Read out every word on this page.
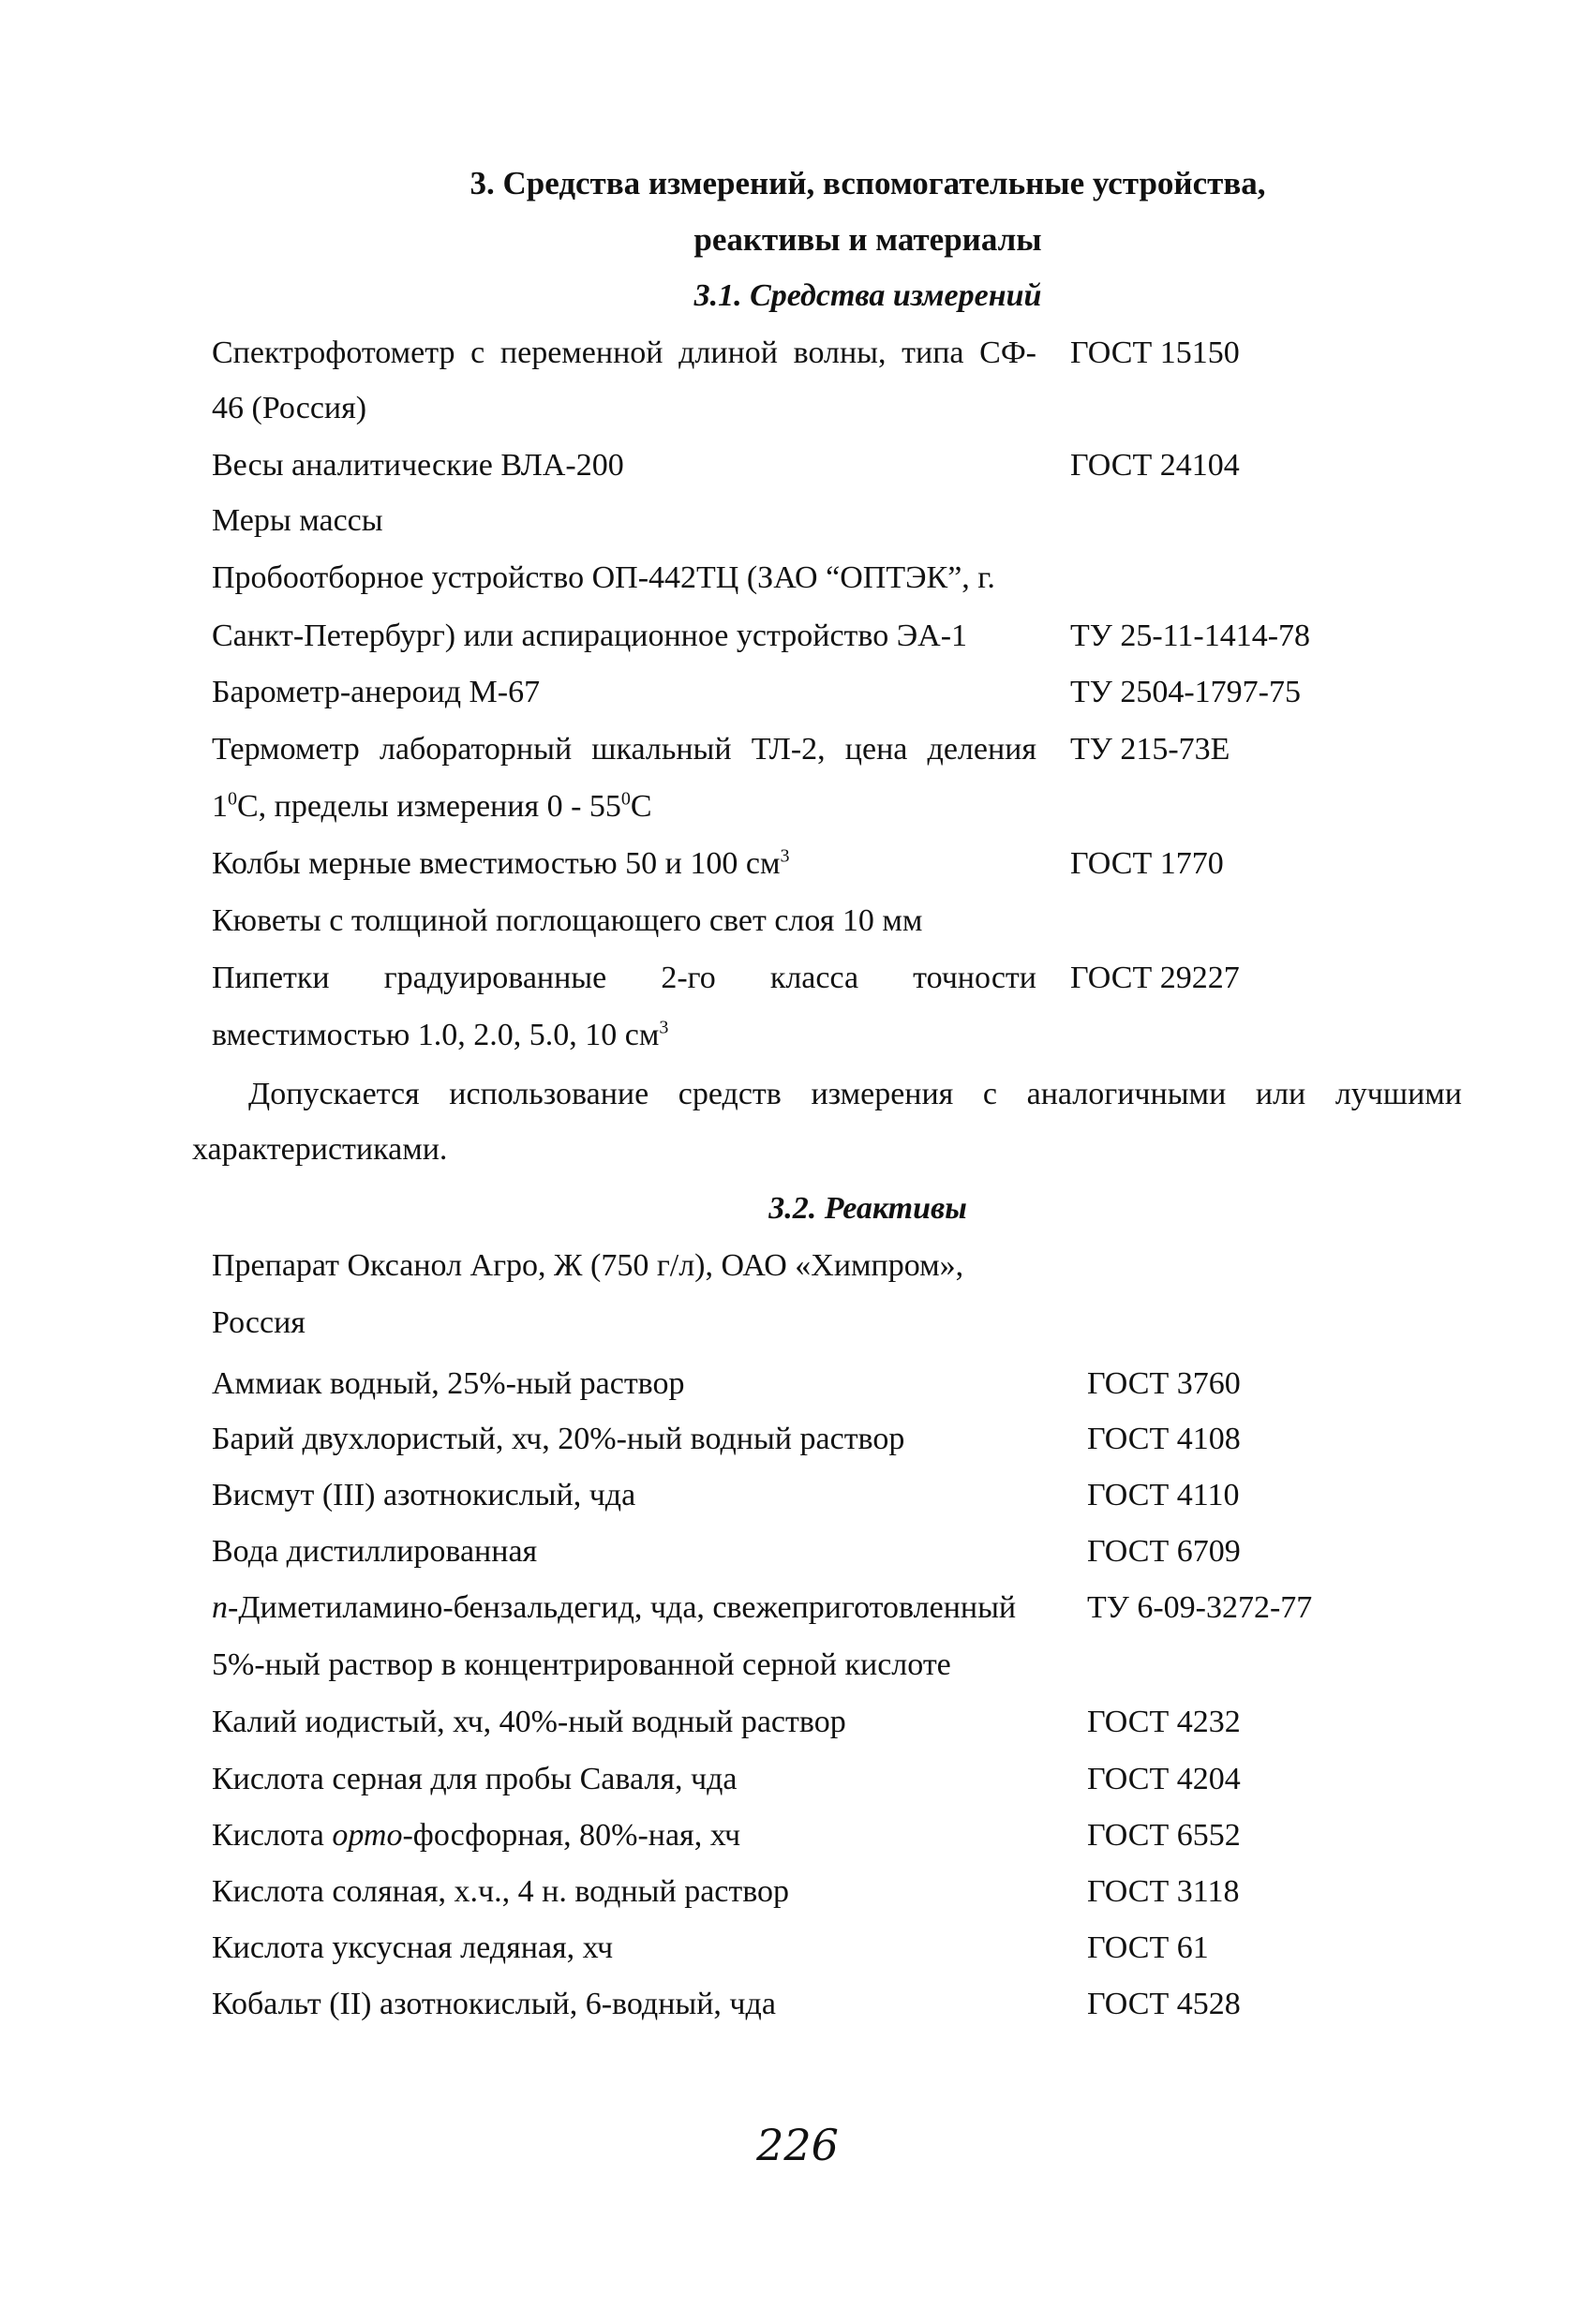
3. Средства измерений, вспомогательные устройства,
реактивы и материалы
3.1. Средства измерений
Спектрофотометр с переменной длиной волны, типа СФ- ГОСТ 15150
46 (Россия)
Весы аналитические ВЛА-200	ГОСТ 24104
Меры массы
Пробоотборное устройство ОП-442ТЦ (ЗАО “ОПТЭК”, г.
Санкт-Петербург) или аспирационное устройство ЭА-1	ТУ 25-11-1414-78
Барометр-анероид М-67	ТУ 2504-1797-75
Термометр лабораторный шкальный ТЛ-2, цена деления ТУ 215-73Е
$1^0С$, пределы измерения $0 - 55^0С$
Колбы мерные вместимостью 50 и 100 $см^3$	ГОСТ 1770
Кюветы с толщиной поглощающего свет слоя 10 мм
Пипетки градуированные 2-го класса точности ГОСТ 29227
вместимостью 1.0, 2.0, 5.0, 10 $см^3$
Допускается использование средств измерения с аналогичными или лучшими
характеристиками.
3.2. Реактивы
Препарат Оксанол Агро, Ж (750 г/л), ОАО «Химпром»,
Россия
Аммиак водный, 25%-ный раствор	ГОСТ 3760
Барий двухлористый, хч, 20%-ный водный раствор	ГОСТ 4108
Висмут (III) азотнокислый, чда	ГОСТ 4110
Вода дистиллированная	ГОСТ 6709
п-Диметиламино-бензальдегид, чда, свежеприготовленный	ТУ 6-09-3272-77
5%-ный раствор в концентрированной серной кислоте
Калий иодистый, хч, 40%-ный водный раствор	ГОСТ 4232
Кислота серная для пробы Саваля, чда	ГОСТ 4204
Кислота орто-фосфорная, 80%-ная, хч	ГОСТ 6552
Кислота соляная, х.ч., 4 н. водный раствор	ГОСТ 3118
Кислота уксусная ледяная, хч	ГОСТ 61
Кобальт (II) азотнокислый, 6-водный, чда	ГОСТ 4528
226
